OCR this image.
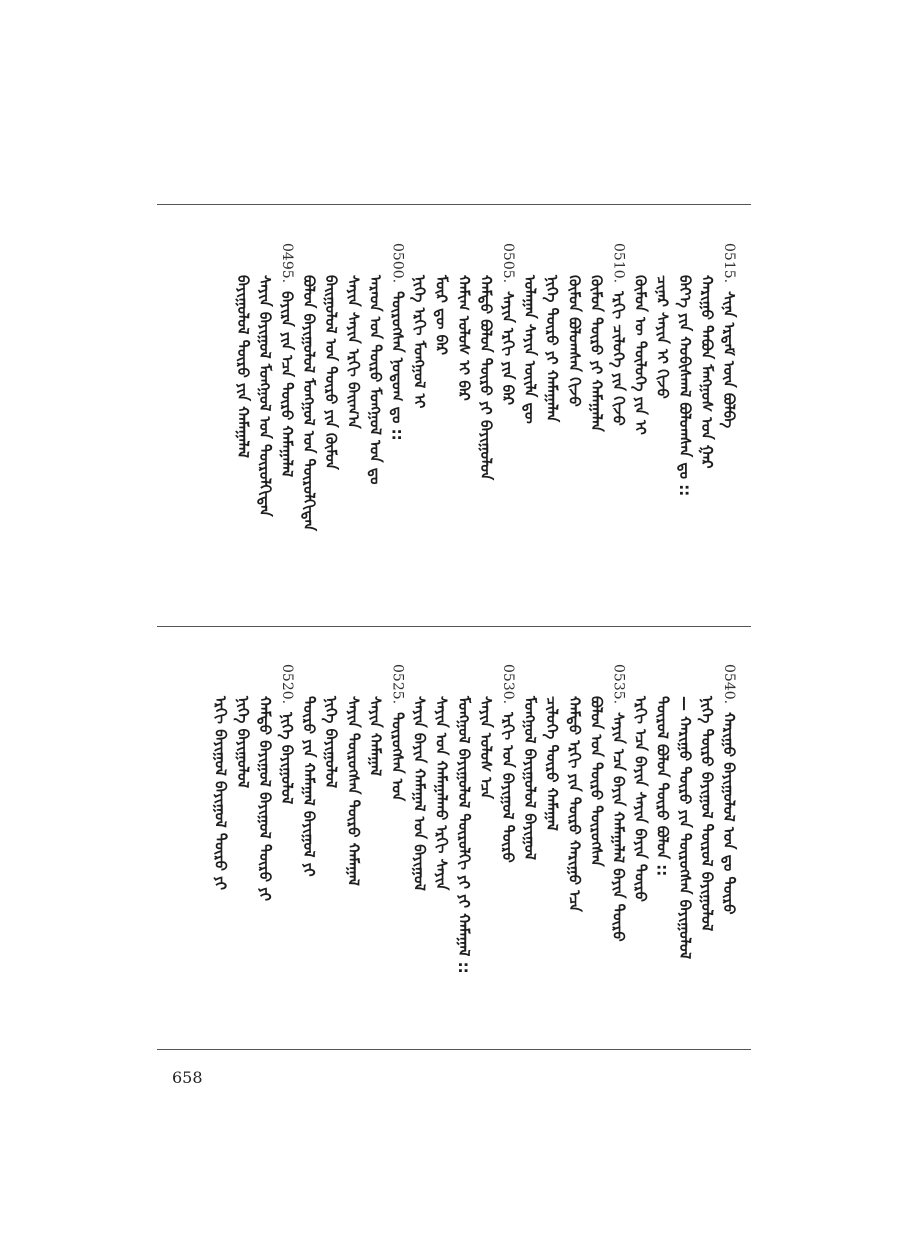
0515.ᠰᠢᠨᠡ ᠡᠷᠳᠡᠮ ᠦᠨ ᠪᠣᠯᠪᠠ
ᠬᠠᠷᠢᠭᠤ ᠲᠠᠪᠤᠨ ᠮᠠᠩᠭᠤᠰ ᠤᠨ ᠭᠠᠷ
ᠪᠡᠶ᠎ᠡ ᠶᠢᠨ ᠬᠤᠪᠢᠰᠬᠠᠯ ᠪᠣᠯᠤᠭᠰᠠᠨ ᠳᠤ ::
ᠴᠢᠨᠠᠷ ᠰᠠᠶᠢᠨ ᠢ ᠬᠢᠵᠦ
ᠬᠦᠮᠦᠨ ᠦ ᠲᠥᠯᠦᠭᠡ ᠶᠢᠨ ᠢ
0510.ᠡᠷᠬᠢ ᠴᠢᠯᠦᠭᠡ ᠶᠢᠨ ᠬᠢᠵᠦ
ᠬᠦᠮᠦᠨ ᠲᠥᠷᠦ ᠶᠢ ᠬᠠᠮᠠᠭᠠᠯᠠᠨ
ᠬᠦᠮᠦᠨ ᠪᠣᠯᠤᠭᠰᠠᠨ ᠬᠢᠵᠦ
ᠨᠢᠭᠡ ᠲᠥᠷᠦ ᠶᠢ ᠬᠠᠮᠠᠭᠠᠯᠠᠨ
ᠤᠯᠠᠭᠠᠨ ᠰᠠᠶᠢᠨ ᠦᠢᠯᠡ ᠳᠦ
0505.ᠰᠠᠶᠢᠨ ᠡᠷᠬᠢ ᠶᠢᠨ ᠪᠠᠷ
ᠬᠠᠮᠲᠤ ᠪᠣᠯᠤᠨ ᠲᠥᠷᠦ ᠶᠢ ᠪᠠᠶᠢᠭᠤᠯᠤᠨ
ᠬᠠᠮᠢᠭ ᠤᠯᠤᠰ ᠢ ᠪᠠᠷ
ᠮᠥᠷ ᠳᠦ ᠪᠠᠷ
ᠨᠢᠭᠡ ᠡᠷᠬᠢ ᠮᠣᠩᠭᠤᠯ ᠢ
0500.ᠲᠥᠷᠦᠭᠰᠡᠨ ᠨᠣᠲᠤᠭ ᠳᠤ ::
ᠠᠷᠠᠳ ᠤᠨ ᠲᠥᠷᠦ ᠮᠣᠩᠭᠤᠯ ᠤᠨ ᠳᠤ
ᠰᠠᠶᠢᠨ ᠰᠠᠶᠢᠨ ᠡᠷᠬᠢ ᠪᠠᠢᠭ᠎ᠠ
ᠪᠠᠢᠭᠤᠯᠤᠯ ᠤᠨ ᠲᠥᠷᠦ ᠶᠢᠨ ᠬᠦᠮᠦᠨ
ᠪᠣᠯᠤᠨ ᠪᠠᠶᠢᠭᠤᠯᠤᠯ ᠮᠣᠩᠭᠤᠯ ᠤᠨ ᠲᠥᠷᠦᠯᠬᠢᠲᠡᠨ
0495.ᠪᠠᠶᠢᠷᠠ ᠶᠢᠨ ᠡᠴᠡ ᠲᠥᠷᠦ ᠬᠠᠮᠠᠭᠠᠯᠠᠯ
ᠰᠠᠶᠢᠨ ᠪᠠᠶᠢᠭᠤᠯ ᠮᠣᠩᠭᠤᠯ ᠤᠨ ᠲᠥᠷᠦᠯᠬᠢᠲᠡᠨ
ᠪᠠᠶᠢᠭᠤᠯᠤᠯ ᠲᠥᠷᠦ ᠶᠢᠨ ᠬᠠᠮᠠᠭᠠᠯᠠᠯ
0540.ᠬᠠᠷᠢᠭᠤ ᠪᠠᠶᠢᠭᠤᠯᠤᠯ ᠤᠨ ᠳᠤ ᠲᠥᠷᠦ
ᠨᠢᠭᠡ ᠲᠥᠷᠦ ᠪᠠᠶᠢᠭᠤᠯ ᠲᠥᠷᠦᠯ ᠪᠠᠶᠢᠭᠤᠯᠤᠯ
— ᠬᠠᠷᠢᠭᠤ ᠲᠥᠷᠦ ᠶᠢᠨ ᠲᠥᠷᠦᠭᠰᠡᠨ ᠪᠠᠶᠢᠭᠤᠯᠤᠯ
ᠲᠥᠷᠦᠯ ᠪᠣᠯᠤᠨ ᠲᠥᠷᠦ ᠪᠣᠯᠤᠨ ::
ᠡᠷᠬᠢ ᠡᠴᠡ ᠪᠠᠶᠢᠨ ᠰᠠᠶᠢᠨ ᠪᠠᠶᠢᠨ ᠲᠥᠷᠦ
0535.ᠰᠠᠶᠢᠨ ᠡᠴᠡ ᠪᠠᠶᠢᠨ ᠬᠠᠮᠠᠭᠠᠯᠠᠯ ᠪᠠᠶᠢᠨ ᠲᠥᠷᠦ
ᠪᠣᠯᠤᠨ ᠤᠨ ᠲᠥᠷᠦ ᠲᠥᠷᠦᠭᠰᠡᠨ
ᠬᠠᠮᠲᠤ ᠡᠷᠬᠢ ᠶᠢᠨ ᠲᠥᠷᠦ ᠬᠠᠷᠢᠭᠤ ᠡᠴᠡ
ᠴᠢᠯᠦᠭᠡ ᠲᠥᠷᠦ ᠬᠠᠮᠠᠭᠠᠯ
ᠮᠣᠩᠭᠤᠯ ᠪᠠᠶᠢᠭᠤᠯᠤᠯ ᠪᠠᠶᠢᠭᠤᠯ
0530.ᠡᠷᠬᠢ ᠤᠨ ᠪᠠᠶᠢᠭᠤᠯ ᠲᠥᠷᠦ
ᠰᠠᠶᠢᠨ ᠤᠯᠤᠰ ᠡᠴᠡ
ᠮᠣᠩᠭᠤᠯ ᠪᠠᠶᠢᠭᠤᠯᠤᠯ ᠲᠥᠷᠦᠯᠬᠢ ᠶᠢ ᠶᠢ ᠬᠠᠮᠠᠭᠠᠯ ::
ᠰᠠᠶᠢᠨ ᠤᠨ ᠬᠠᠮᠠᠭᠠᠯᠬᠤ ᠡᠷᠬᠢ ᠰᠠᠶᠢᠨ
ᠰᠠᠶᠢᠨ ᠪᠠᠶᠢᠨ ᠬᠠᠮᠠᠭᠠᠯ ᠤᠨ ᠪᠠᠶᠢᠭᠤᠯ
0525.ᠲᠥᠷᠦᠭᠰᠡᠨ ᠤᠨ
ᠰᠠᠶᠢᠨ ᠬᠠᠮᠠᠭᠠᠯ
ᠰᠠᠶᠢᠨ ᠲᠥᠷᠦᠭᠰᠡᠨ ᠲᠥᠷᠦ ᠬᠠᠮᠠᠭᠠᠯ
ᠨᠢᠭᠡ ᠪᠠᠶᠢᠭᠤᠯᠤᠯ
ᠲᠥᠷᠦ ᠶᠢᠨ ᠬᠠᠮᠠᠭᠠᠯ ᠪᠠᠶᠢᠭᠤᠯ ᠶᠢ
0520.ᠨᠢᠭᠡ ᠪᠠᠶᠢᠭᠤᠯᠤᠯ
ᠬᠠᠮᠲᠤ ᠪᠠᠶᠢᠭᠤᠯ ᠪᠠᠶᠢᠭᠤᠯ ᠲᠥᠷᠦ ᠶᠢ
ᠨᠢᠭᠡ ᠪᠠᠶᠢᠭᠤᠯᠤᠯ
ᠡᠷᠬᠢ ᠪᠠᠶᠢᠭᠤᠯ ᠪᠠᠶᠢᠭᠤᠯ ᠲᠥᠷᠦ ᠶᠢ
658
